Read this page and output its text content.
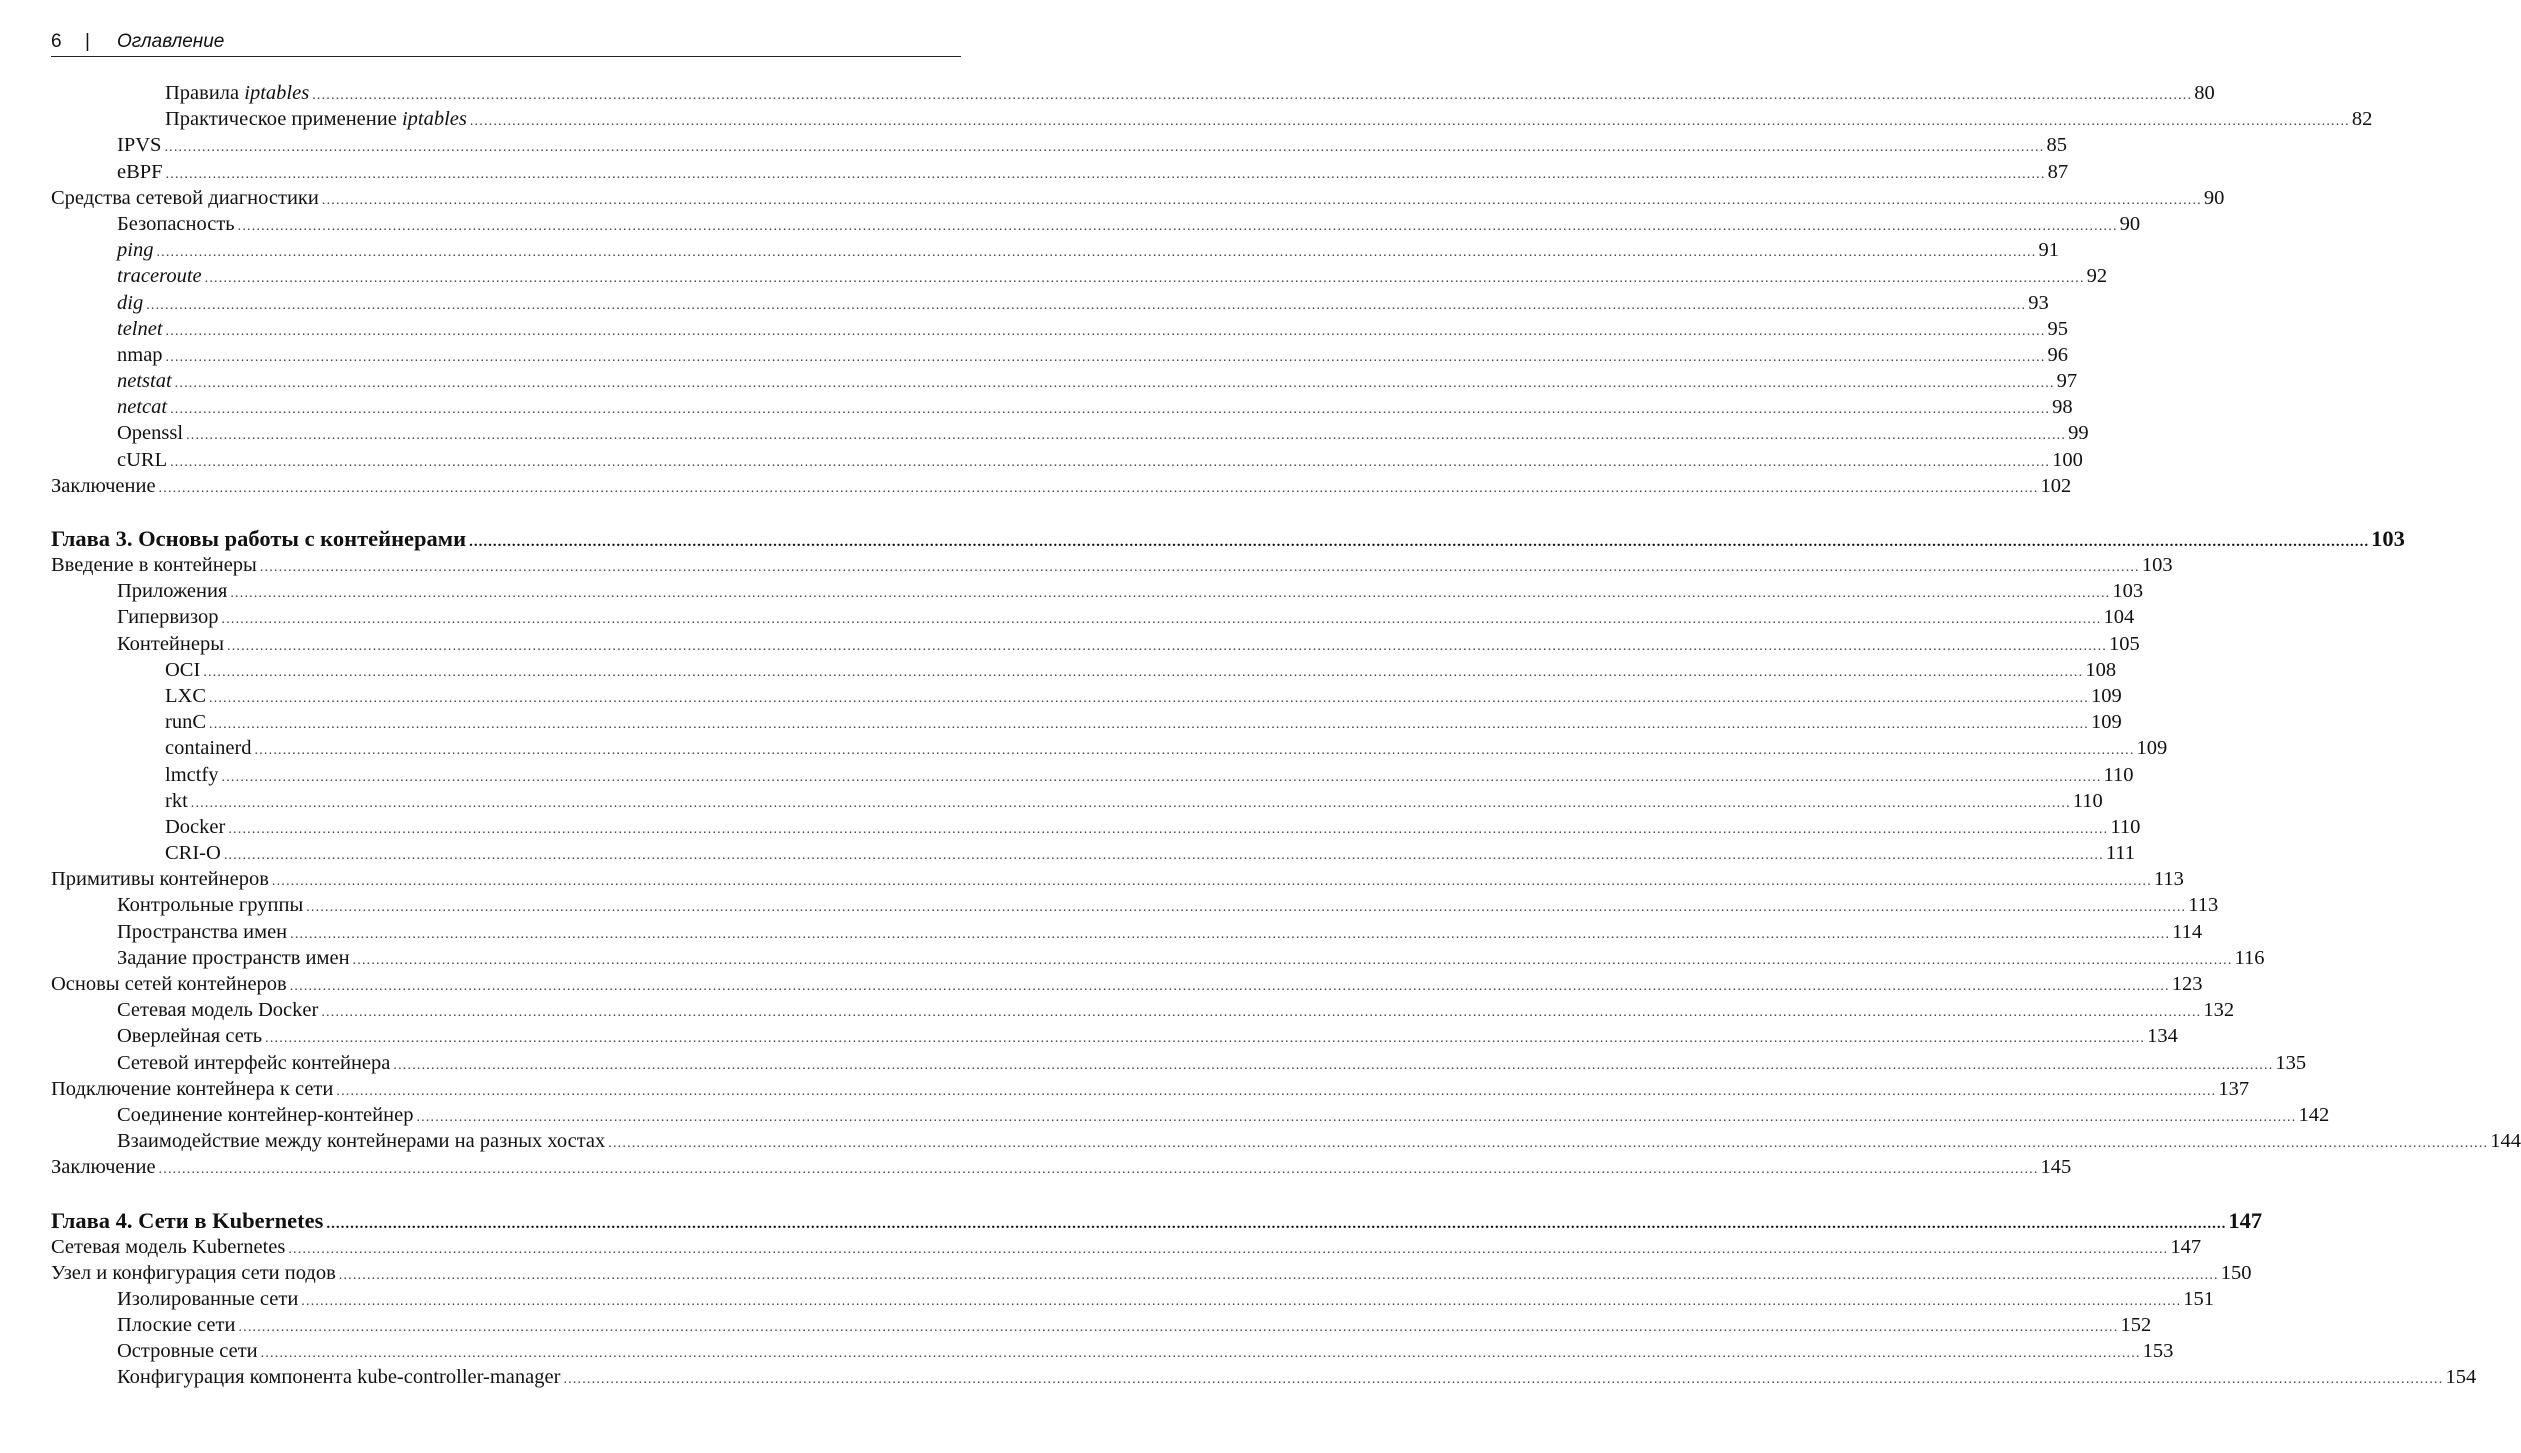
6 | Оглавление
Правила iptables ................................................................................................................................................................................................................................................................................................................................................................................................................ 80
Практическое применение iptables ................................................................................................................................................................................................................................................................................................................................................................................................................ 82
IPVS ................................................................................................................................................................................................................................................................................................................................................................................................................ 85
eBPF ................................................................................................................................................................................................................................................................................................................................................................................................................ 87
Средства сетевой диагностики ................................................................................................................................................................................................................................................................................................................................................................................................................ 90
Безопасность ................................................................................................................................................................................................................................................................................................................................................................................................................ 90
ping ................................................................................................................................................................................................................................................................................................................................................................................................................ 91
traceroute ................................................................................................................................................................................................................................................................................................................................................................................................................ 92
dig ................................................................................................................................................................................................................................................................................................................................................................................................................ 93
telnet ................................................................................................................................................................................................................................................................................................................................................................................................................ 95
nmap ................................................................................................................................................................................................................................................................................................................................................................................................................ 96
netstat ................................................................................................................................................................................................................................................................................................................................................................................................................ 97
netcat ................................................................................................................................................................................................................................................................................................................................................................................................................ 98
Openssl ................................................................................................................................................................................................................................................................................................................................................................................................................ 99
cURL ................................................................................................................................................................................................................................................................................................................................................................................................................ 100
Заключение ................................................................................................................................................................................................................................................................................................................................................................................................................ 102
Глава 3. Основы работы с контейнерами ................................................................................................................................................................................................................................................................................................................................................................................................................ 103
Введение в контейнеры ................................................................................................................................................................................................................................................................................................................................................................................................................ 103
Приложения ................................................................................................................................................................................................................................................................................................................................................................................................................ 103
Гипервизор ................................................................................................................................................................................................................................................................................................................................................................................................................ 104
Контейнеры ................................................................................................................................................................................................................................................................................................................................................................................................................ 105
OCI ................................................................................................................................................................................................................................................................................................................................................................................................................ 108
LXC ................................................................................................................................................................................................................................................................................................................................................................................................................ 109
runC ................................................................................................................................................................................................................................................................................................................................................................................................................ 109
containerd ................................................................................................................................................................................................................................................................................................................................................................................................................ 109
lmctfy ................................................................................................................................................................................................................................................................................................................................................................................................................ 110
rkt ................................................................................................................................................................................................................................................................................................................................................................................................................ 110
Docker ................................................................................................................................................................................................................................................................................................................................................................................................................ 110
CRI-O ................................................................................................................................................................................................................................................................................................................................................................................................................ 111
Примитивы контейнеров ................................................................................................................................................................................................................................................................................................................................................................................................................ 113
Контрольные группы ................................................................................................................................................................................................................................................................................................................................................................................................................ 113
Пространства имен ................................................................................................................................................................................................................................................................................................................................................................................................................ 114
Задание пространств имен ................................................................................................................................................................................................................................................................................................................................................................................................................ 116
Основы сетей контейнеров ................................................................................................................................................................................................................................................................................................................................................................................................................ 123
Сетевая модель Docker ................................................................................................................................................................................................................................................................................................................................................................................................................ 132
Оверлейная сеть ................................................................................................................................................................................................................................................................................................................................................................................................................ 134
Сетевой интерфейс контейнера ................................................................................................................................................................................................................................................................................................................................................................................................................ 135
Подключение контейнера к сети ................................................................................................................................................................................................................................................................................................................................................................................................................ 137
Соединение контейнер-контейнер ................................................................................................................................................................................................................................................................................................................................................................................................................ 142
Взаимодействие между контейнерами на разных хостах ................................................................................................................................................................................................................................................................................................................................................................................................................ 144
Заключение ................................................................................................................................................................................................................................................................................................................................................................................................................ 145
Глава 4. Сети в Kubernetes ................................................................................................................................................................................................................................................................................................................................................................................................................ 147
Сетевая модель Kubernetes ................................................................................................................................................................................................................................................................................................................................................................................................................ 147
Узел и конфигурация сети подов ................................................................................................................................................................................................................................................................................................................................................................................................................ 150
Изолированные сети ................................................................................................................................................................................................................................................................................................................................................................................................................ 151
Плоские сети ................................................................................................................................................................................................................................................................................................................................................................................................................ 152
Островные сети ................................................................................................................................................................................................................................................................................................................................................................................................................ 153
Конфигурация компонента kube-controller-manager ................................................................................................................................................................................................................................................................................................................................................................................................................ 154
